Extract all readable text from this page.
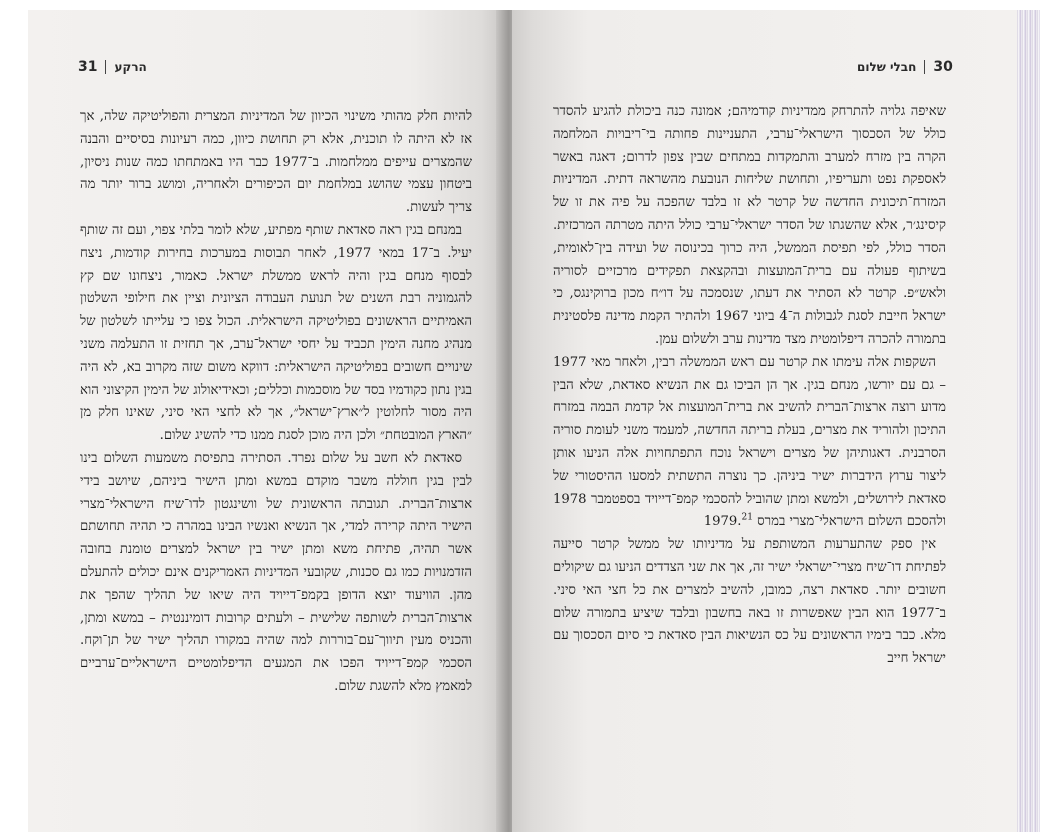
31 הרקע

להיות חלק מהותי משינוי הכיוון של המדיניות המצרית והפוליטיקה שלה, אך אז לא היתה לו תוכנית, אלא רק תחושת כיוון, כמה רעיונות בסיסיים והבנה שהמצרים עייפים ממלחמות. ב־1977 כבר היו באמתחתו כמה שנות ניסיון, ביטחון עצמי שהושג במלחמת יום הכיפורים ולאחריה, ומושג ברור יותר מה צריך לעשות.

במנחם בגין ראה סאדאת שותף מפתיע, שלא לומר בלתי צפוי, ועם זה שותף יעיל. ב־17 במאי 1977, לאחר תבוסות במערכות בחירות קודמות, ניצח לבסוף מנחם בגין והיה לראש ממשלת ישראל. כאמור, ניצחונו שם קץ להגמוניה רבת השנים של תנועת העבודה הציונית וציין את חילופי השלטון האמיתיים הראשונים בפוליטיקה הישראלית. הכול צפו כי עלייתו לשלטון של מנהיג מחנה הימין תכביד על יחסי ישראל־ערב, אך תחזית זו התעלמה משני שינויים חשובים בפוליטיקה הישראלית: דווקא משום שזה מקרוב בא, לא היה בגין נתון כקודמיו בסד של מוסכמות וכללים; וכאידיאולוג של הימין הקיצוני הוא היה מסור לחלוטין ל״ארץ־ישראל״, אך לא לחצי האי סיני, שאינו חלק מן ״הארץ המובטחת״ ולכן היה מוכן לסגת ממנו כדי להשיג שלום.

סאדאת לא חשב על שלום נפרד. הסתירה בתפיסת משמעות השלום בינו לבין בגין חוללה משבר מוקדם במשא ומתן הישיר ביניהם, שיושב בידי ארצות־הברית. תגובתה הראשונית של וושינגטון לדו־שיח הישראלי־מצרי הישיר היתה קרירה למדי, אך הנשיא ואנשיו הבינו במהרה כי תהיה תחושתם אשר תהיה, פתיחת משא ומתן ישיר בין ישראל למצרים טומנת בחובה הזדמנויות כמו גם סכנות, שקובעי המדיניות האמריקנים אינם יכולים להתעלם מהן. הוויעוד יוצא הדופן בקמפ־דייויד היה שיאו של תהליך שהפך את ארצות־הברית לשותפה שלישית – ולעתים קרובות דומיננטית – במשא ומתן, והכניס מעין תיווך־עם־בוררות למה שהיה במקורו תהליך ישיר של תן־וקח. הסכמי קמפ־דייויד הפכו את המגעים הדיפלומטיים הישראליים־ערביים למאמץ מלא להשגת שלום.

חבלי שלום 30

שאיפה גלויה להתרחק ממדיניות קודמיהם; אמונה כנה ביכולת להגיע להסדר כולל של הסכסוך הישראלי־ערבי, התעניינות פחותה בי־ריבויות המלחמה הקרה בין מזרח למערב והתמקדות במתחים שבין צפון לדרום; דאגה באשר לאספקת נפט ותעריפיו, ותחושת שליחות הנובעת מהשראה דתית. המדיניות המזרח־תיכונית החדשה של קרטר לא זו בלבד שהפכה על פיה את זו של קיסינג׳ר, אלא שהשגתו של הסדר ישראלי־ערבי כולל היתה מטרתה המרכזית. הסדר כולל, לפי תפיסת הממשל, היה כרוך בכינוסה של ועידה בין־לאומית, בשיתוף פעולה עם ברית־המועצות ובהקצאת תפקידים מרכזיים לסוריה ולאש״פ. קרטר לא הסתיר את דעתו, שנסמכה על דו״ח מכון ברוקינגס, כי ישראל חייבת לסגת לגבולות ה־4 ביוני 1967 ולהתיר הקמת מדינה פלסטינית בתמורה להכרה דיפלומטית מצד מדינות ערב ולשלום עמן.

השקפות אלה עימתו את קרטר עם ראש הממשלה רבין, ולאחר מאי 1977 – גם עם יורשו, מנחם בגין. אך הן הביכו גם את הנשיא סאדאת, שלא הבין מדוע רוצה ארצות־הברית להשיב את ברית־המועצות אל קדמת הבמה במזרח התיכון ולהוריד את מצרים, בעלת בריתה החדשה, למעמד משני לעומת סוריה הסרבנית. דאגותיהן של מצרים וישראל נוכח התפתחויות אלה הניעו אותן ליצור ערוץ הידברות ישיר ביניהן. כך נוצרה התשתית למסעו ההיסטורי של סאדאת לירושלים, ולמשא ומתן שהוביל להסכמי קמפ־דייויד בספטמבר 1978 ולהסכם השלום הישראלי־מצרי במרס 1979.21

אין ספק שהתערעות המשותפת על מדיניותו של ממשל קרטר סייעה לפתיחת דו־שיח מצרי־ישראלי ישיר זה, אך את שני הצדדים הניעו גם שיקולים חשובים יותר. סאדאת רצה, כמובן, להשיב למצרים את כל חצי האי סיני. ב־1977 הוא הבין שאפשרות זו באה בחשבון ובלבד שיציע בתמורה שלום מלא. כבר בימיו הראשונים על כס הנשיאות הבין סאדאת כי סיום הסכסוך עם ישראל חייב
